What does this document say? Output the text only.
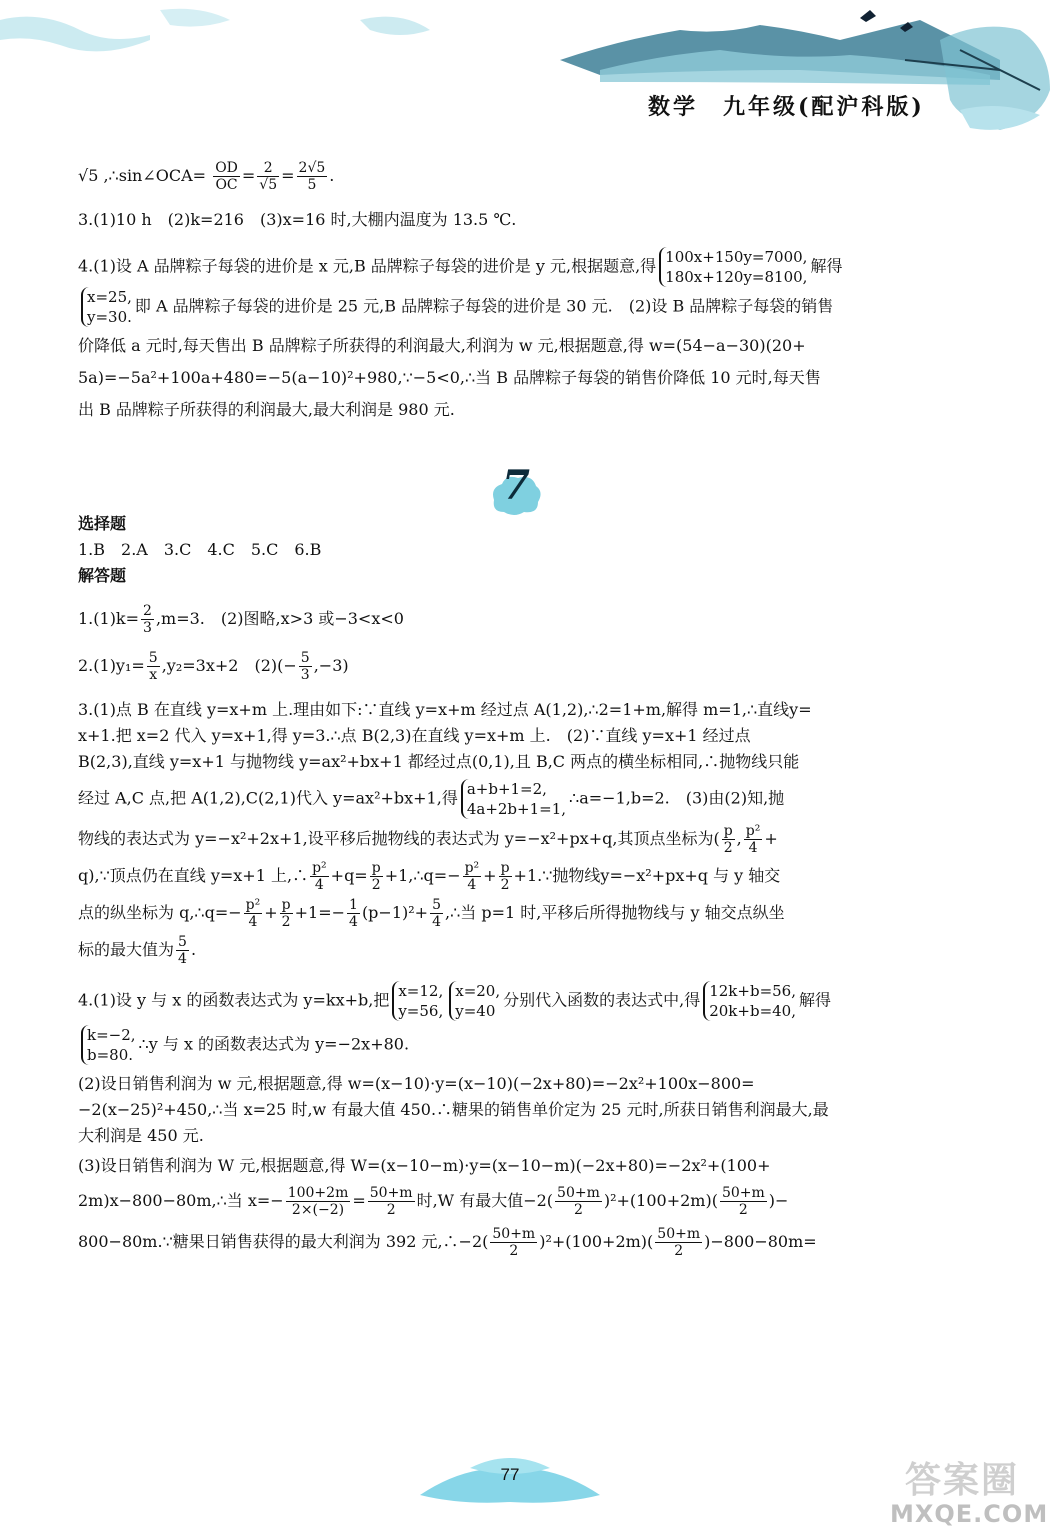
数学　九年级(配沪科版)
√5 ,∴sin∠OCA= $\frac{OD}{OC} = \frac{2}{√5} = \frac{2√5}{5}$ .
3.(1)10 h　(2)k=216　(3)x=16 时,大棚内温度为 13.5 ℃.
4.(1)设 A 品牌粽子每袋的进价是 x 元,B 品牌粽子每袋的进价是 y 元,根据题意,得 100x+150y=7000,
180x+120y=8100,
解得
x=25,
y=30.
即 A 品牌粽子每袋的进价是 25 元,B 品牌粽子每袋的进价是 30 元.　(2)设 B 品牌粽子每袋的销售
价降低 a 元时,每天售出 B 品牌粽子所获得的利润最大,利润为 w 元,根据题意,得 w=(54−a−30)(20+
5a)=−5a²+100a+480=−5(a−10)²+980,∵−5<0,∴当 B 品牌粽子每袋的销售价降低 10 元时,每天售
出 B 品牌粽子所获得的利润最大,最大利润是 980 元.
选择题
1.B　2.A　3.C　4.C　5.C　6.B
解答题
$1.(1)k= \frac{2}{3} ,m=3$.　(2)图略,x>3 或−3<x<0
$2.(1)y_1= \frac{5}{x} ,y_2=3x+2$　$(2)(- \frac{5}{3} ,-3)$
3.(1)点 B 在直线 y=x+m 上.理由如下:∵直线 y=x+m 经过点 A(1,2),∴2=1+m,解得 m=1,∴直线y=
x+1.把 x=2 代入 y=x+1,得 y=3.∴点 B(2,3)在直线 y=x+m 上.　(2)∵直线 y=x+1 经过点
B(2,3),直线 y=x+1 与抛物线 y=ax²+bx+1 都经过点(0,1),且 B,C 两点的横坐标相同,∴抛物线只能
经过 A,C 点,把 A(1,2),C(2,1)代入 y=ax²+bx+1,得 a+b+1=2,
4a+2b+1=1,
∴a=−1,b=2.　(3)由(2)知,抛
物线的表达式为 y=−x²+2x+1,设平移后抛物线的表达式为 y=−x²+px+q,其顶点坐标为( $\frac{p}{2}$ , $\frac{\text{p²}}{4}$ +
q),∵顶点仍在直线 y=x+1 上,∴ $\frac{\text{p²}}{4} +q= \frac{p}{2}$ +1,∴q=− $\frac{\text{p²}}{4} + \frac{p}{2}$ +1.∵抛物线y=−x²+px+q 与 y 轴交
点的纵坐标为 q,∴q=− $\frac{\text{p²}}{4} + \frac{p}{2} +1=- \frac{1}{4} (p-1)^2+ \frac{5}{4}$ ,∴当 p=1 时,平移后所得抛物线与 y 轴交点纵坐
标的最大值为 $\frac{5}{4}$ .
4.(1)设 y 与 x 的函数表达式为 y=kx+b,把 x=12,
y=56,
x=20,
y=40
分别代入函数的表达式中,得 12k+b=56,
20k+b=40,
解得
k=−2,
b=80.
∴y 与 x 的函数表达式为 y=−2x+80.
(2)设日销售利润为 w 元,根据题意,得 w=(x−10)·y=(x−10)(−2x+80)=−2x²+100x−800=
−2(x−25)²+450,∴当 x=25 时,w 有最大值 450.∴糖果的销售单价定为 25 元时,所获日销售利润最大,最
大利润是 450 元.
(3)设日销售利润为 W 元,根据题意,得 W=(x−10−m)·y=(x−10−m)(−2x+80)=−2x²+(100+
2m)x−800−80m,∴当 $x=- \frac{100+2m}{2\times(-2)} = \frac{50+m}{2}$ 时,W 有最大值$-2( \frac{50+m}{2} )^2+(100+2m)( \frac{50+m}{2}$ )−
800−80m.∵糖果日销售获得的最大利润为 392 元,∴−2( $\frac{50+m}{2} )^2+(100+2m)( \frac{50+m}{2} )-800-80m=$
7
77	答案圈
MXQE.COM
